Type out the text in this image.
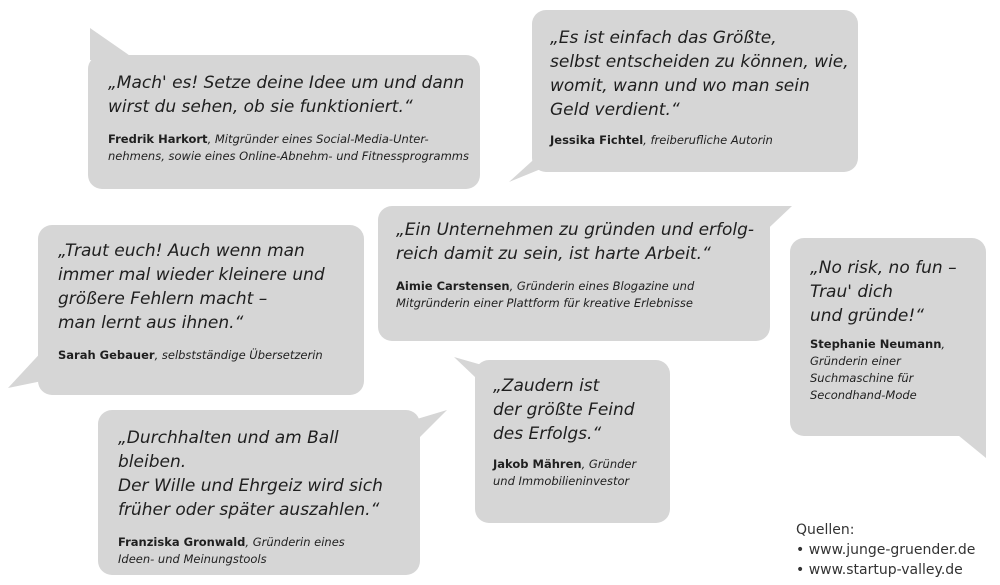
„Mach' es! Setze deine Idee um und dann
wirst du sehen, ob sie funktioniert.“

Fredrik Harkort, Mitgründer eines Social-Media-Unter-
nehmens, sowie eines Online-Abnehm- und Fitnessprogramms

„Es ist einfach das Größte,
selbst entscheiden zu können, wie,
womit, wann und wo man sein
Geld verdient.“

Jessika Fichtel, freiberufliche Autorin

„Traut euch! Auch wenn man
immer mal wieder kleinere und
größere Fehlern macht –
man lernt aus ihnen.“

Sarah Gebauer, selbstständige Übersetzerin

„Ein Unternehmen zu gründen und erfolg-
reich damit zu sein, ist harte Arbeit.“

Aimie Carstensen, Gründerin eines Blogazine und
Mitgründerin einer Plattform für kreative Erlebnisse

„No risk, no fun –
Trau' dich
und gründe!“

Stephanie Neumann,
Gründerin einer
Suchmaschine für
Secondhand-Mode

„Zaudern ist
der größte Feind
des Erfolgs.“

Jakob Mähren, Gründer
und Immobilieninvestor

„Durchhalten und am Ball bleiben.
Der Wille und Ehrgeiz wird sich
früher oder später auszahlen.“

Franziska Gronwald, Gründerin eines
Ideen- und Meinungstools

Quellen:
• www.junge-gruender.de
• www.startup-valley.de
